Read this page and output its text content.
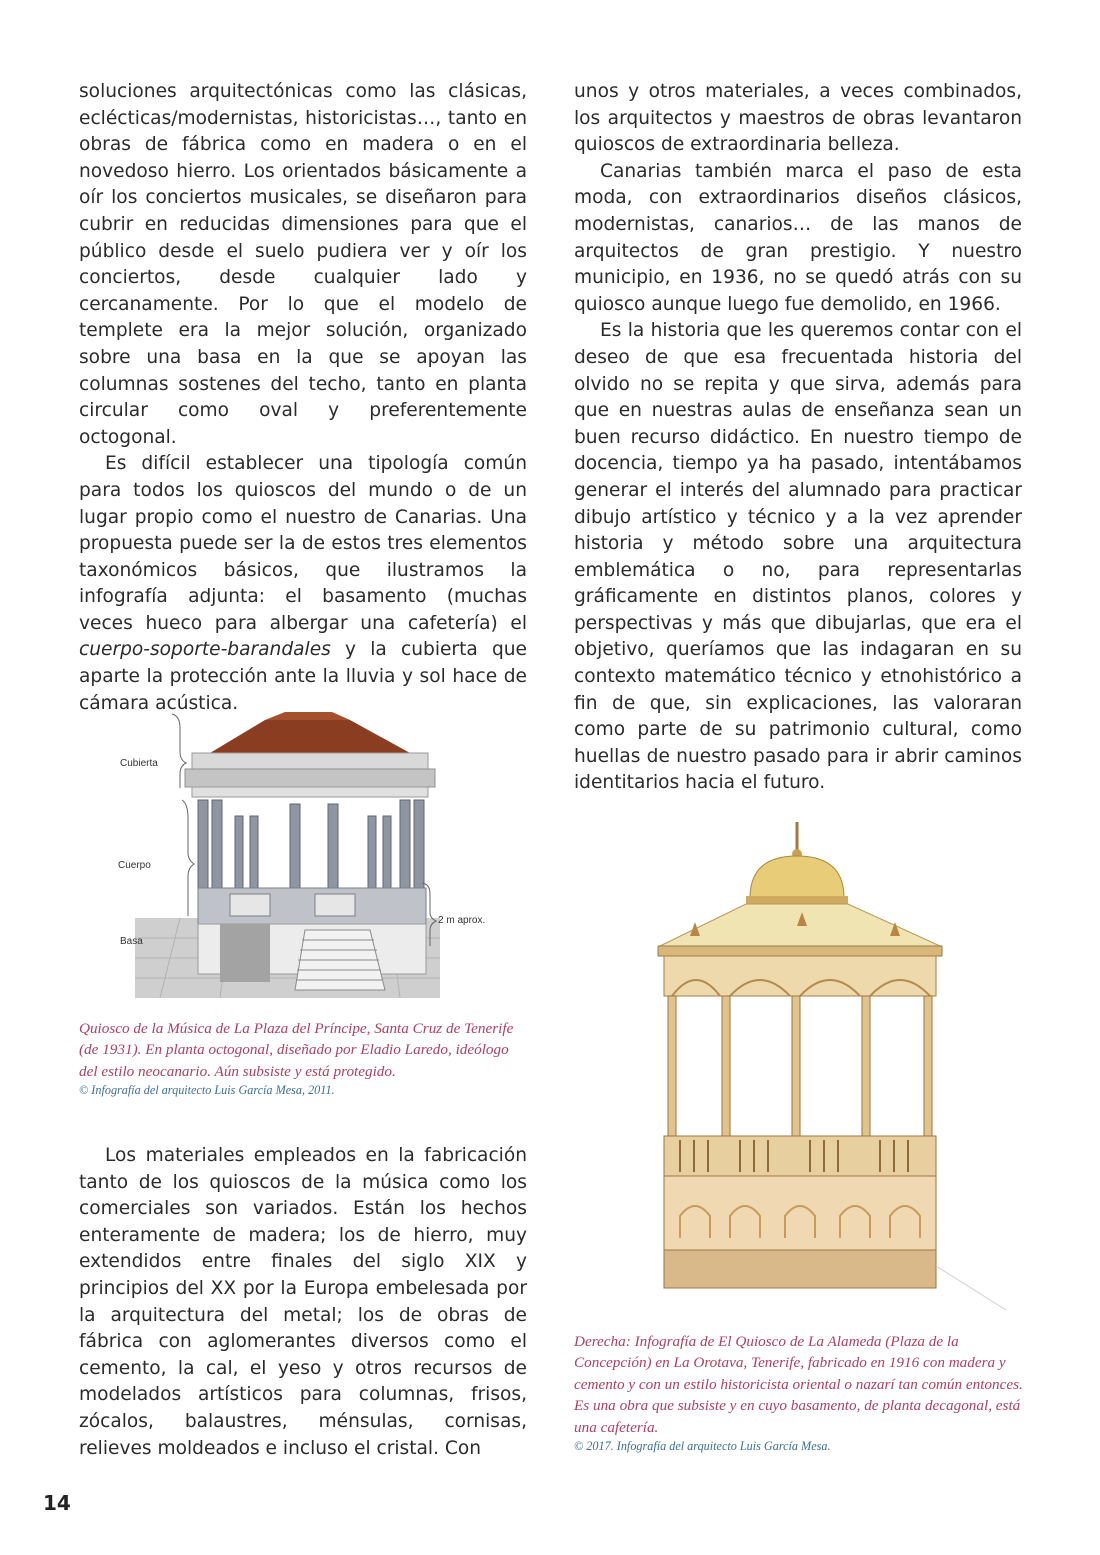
soluciones arquitectónicas como las clásicas, eclécticas/modernistas, historicistas…, tanto en obras de fábrica como en madera o en el novedoso hierro. Los orientados básicamente a oír los conciertos musicales, se diseñaron para cubrir en reducidas dimensiones para que el público desde el suelo pudiera ver y oír los conciertos, desde cualquier lado y cercanamente. Por lo que el modelo de templete era la mejor solución, organizado sobre una basa en la que se apoyan las columnas sostenes del techo, tanto en planta circular como oval y preferentemente octogonal.

Es difícil establecer una tipología común para todos los quioscos del mundo o de un lugar propio como el nuestro de Canarias. Una propuesta puede ser la de estos tres elementos taxonómicos básicos, que ilustramos la infografía adjunta: el basamento (muchas veces hueco para albergar una cafetería) el cuerpo-soporte-barandales y la cubierta que aparte la protección ante la lluvia y sol hace de cámara acústica.

Cubierta
Cuerpo
Basa
2 m aprox.
Quiosco de la Música de La Plaza del Príncipe, Santa Cruz de Tenerife (de 1931). En planta octogonal, diseñado por Eladio Laredo, ideólogo del estilo neocanario. Aún subsiste y está protegido.
© Infografía del arquitecto Luis García Mesa, 2011.

Los materiales empleados en la fabricación tanto de los quioscos de la música como los comerciales son variados. Están los hechos enteramente de madera; los de hierro, muy extendidos entre finales del siglo XIX y principios del XX por la Europa embelesada por la arquitectura del metal; los de obras de fábrica con aglomerantes diversos como el cemento, la cal, el yeso y otros recursos de modelados artísticos para columnas, frisos, zócalos, balaustres, ménsulas, cornisas, relieves moldeados e incluso el cristal. Con

unos y otros materiales, a veces combinados, los arquitectos y maestros de obras levantaron quioscos de extraordinaria belleza.

Canarias también marca el paso de esta moda, con extraordinarios diseños clásicos, modernistas, canarios… de las manos de arquitectos de gran prestigio. Y nuestro municipio, en 1936, no se quedó atrás con su quiosco aunque luego fue demolido, en 1966.

Es la historia que les queremos contar con el deseo de que esa frecuentada historia del olvido no se repita y que sirva, además para que en nuestras aulas de enseñanza sean un buen recurso didáctico. En nuestro tiempo de docencia, tiempo ya ha pasado, intentábamos generar el interés del alumnado para practicar dibujo artístico y técnico y a la vez aprender historia y método sobre una arquitectura emblemática o no, para representarlas gráficamente en distintos planos, colores y perspectivas y más que dibujarlas, que era el objetivo, queríamos que las indagaran en su contexto matemático técnico y etnohistórico a fin de que, sin explicaciones, las valoraran como parte de su patrimonio cultural, como huellas de nuestro pasado para ir abrir caminos identitarios hacia el futuro.

Derecha: Infografía de El Quiosco de La Alameda (Plaza de la Concepción) en La Orotava, Tenerife, fabricado en 1916 con madera y cemento y con un estilo historicista oriental o nazarí tan común entonces. Es una obra que subsiste y en cuyo basamento, de planta decagonal, está una cafetería.
© 2017. Infografía del arquitecto Luis García Mesa.
14
